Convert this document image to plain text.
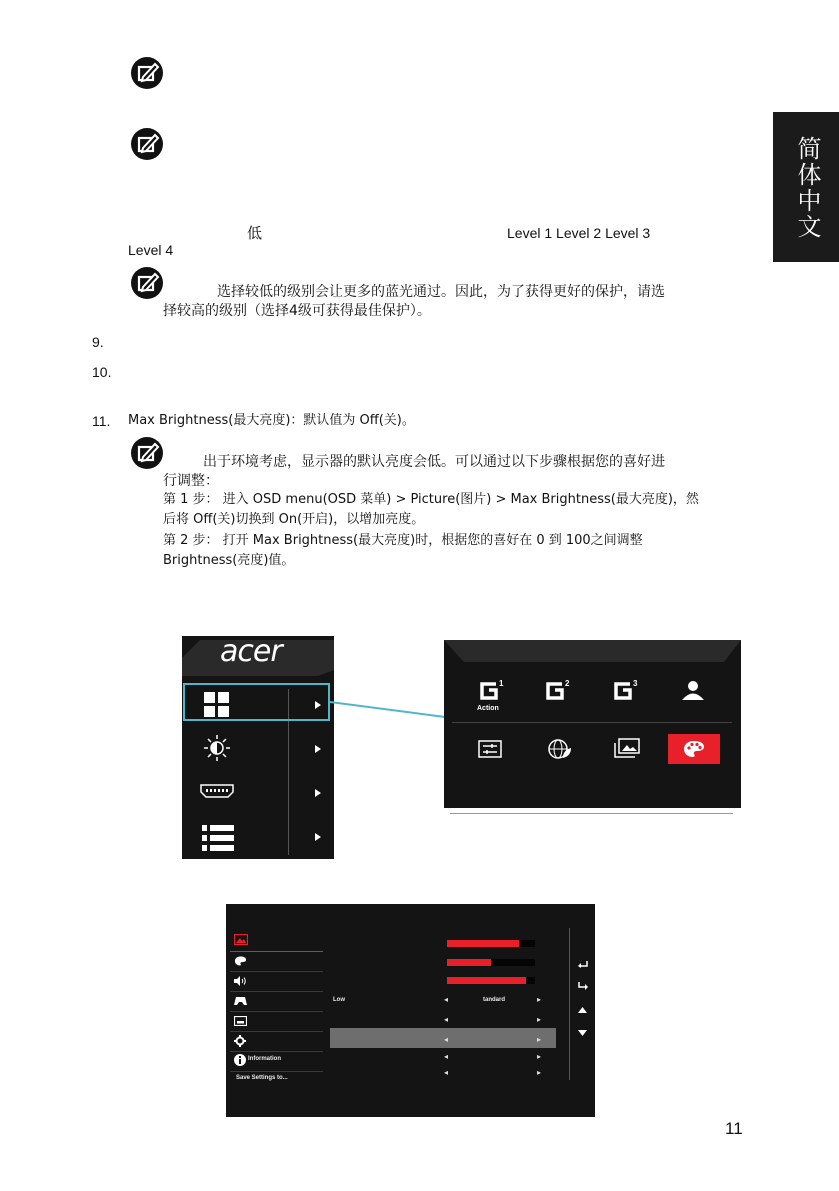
简体中文
低	Level 1 Level 2 Level 3
Level 4
选择较低的级别会让更多的蓝光通过。因此，为了获得更好的保护，请选
择较高的级别（选择4级可获得最佳保护）。
9.
10.
11. Max Brightness(最大亮度)：默认值为 Off(关)。
出于环境考虑，显示器的默认亮度会低。可以通过以下步骤根据您的喜好进
行调整：
第 1 步： 进入 OSD menu(OSD 菜单) > Picture(图片) > Max Brightness(最大亮度)，然
后将 Off(关)切换到 On(开启)，以增加亮度。
第 2 步： 打开 Max Brightness(最大亮度)时，根据您的喜好在 0 到 100之间调整
Brightness(亮度)值。
acer
1
Action
2	3
Information
Save Settings to...
Low	tandard
◂	▸
◂	▸
◂	▸
◂	▸
◂	▸
11
